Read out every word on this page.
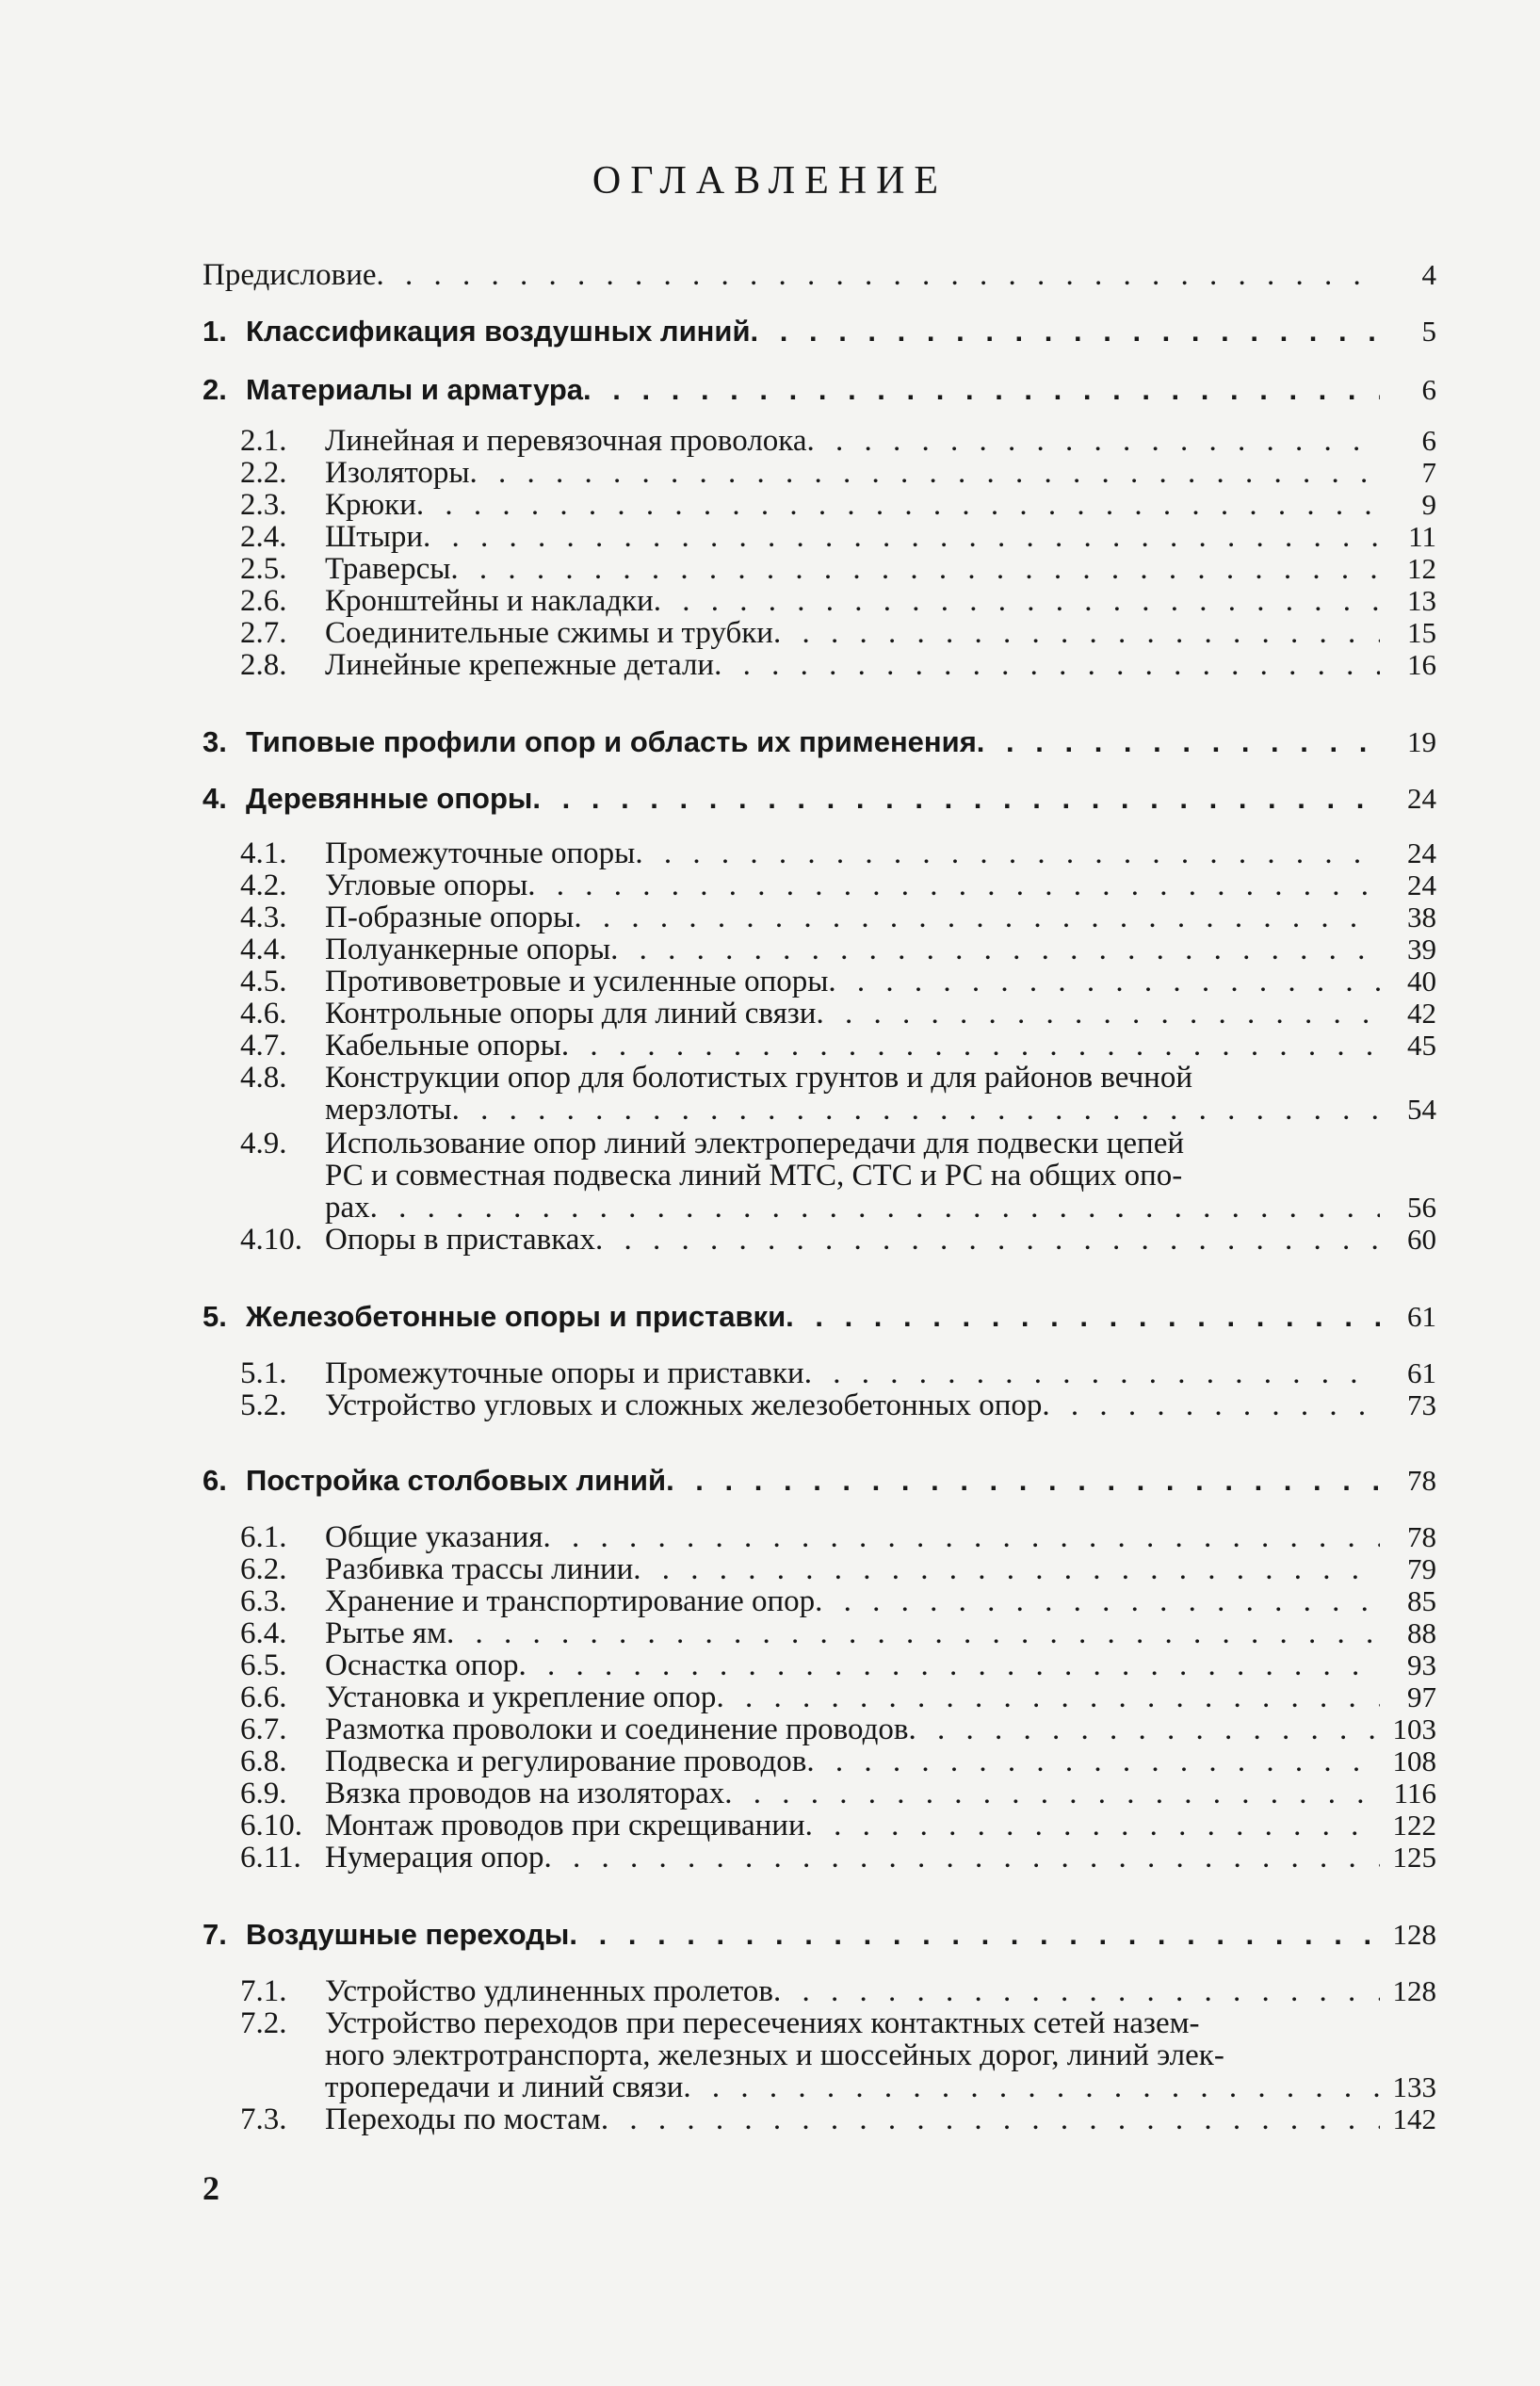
ОГЛАВЛЕНИЕ
Предисловие . . .	4
1. Классификация воздушных линий . . .	5
2. Материалы и арматура . . .	6
2.1.	Линейная и перевязочная проволока . . .	6
2.2.	Изоляторы . . .	7
2.3.	Крюки . . .	9
2.4.	Штыри . . .	11
2.5.	Траверсы . . .	12
2.6.	Кронштейны и накладки . . .	13
2.7.	Соединительные сжимы и трубки . . .	15
2.8.	Линейные крепежные детали . . .	16
3. Типовые профили опор и область их применения . . .	19
4. Деревянные опоры . . .	24
4.1.	Промежуточные опоры . . .	24
4.2.	Угловые опоры . . .	24
4.3.	П-образные опоры . . .	38
4.4.	Полуанкерные опоры . . .	39
4.5.	Противоветровые и усиленные опоры . . .	40
4.6.	Контрольные опоры для линий связи . . .	42
4.7.	Кабельные опоры . . .	45
4.8.	Конструкции опор для болотистых грунтов и для районов вечной
мерзлоты . . .	54
4.9.	Использование опор линий электропередачи для подвески цепей
РС и совместная подвеска линий МТС, СТС и РС на общих опо-
рах . . .	56
4.10. Опоры в приставках . . .	60
5. Железобетонные опоры и приставки . . .	61
5.1.	Промежуточные опоры и приставки . . .	61
5.2.	Устройство угловых и сложных железобетонных опор . . .	73
6. Постройка столбовых линий . . .	78
6.1.	Общие указания . . .	78
6.2.	Разбивка трассы линии . . .	79
6.3.	Хранение и транспортирование опор . . .	85
6.4.	Рытье ям . . .	88
6.5.	Оснастка опор . . .	93
6.6.	Установка и укрепление опор . . .	97
6.7.	Размотка проволоки и соединение проводов . . .	103
6.8.	Подвеска и регулирование проводов . . .	108
6.9.	Вязка проводов на изоляторах . . .	116
6.10. Монтаж проводов при скрещивании . . .	122
6.11. Нумерация опор . . .	125
7. Воздушные переходы . . .	128
7.1.	Устройство удлиненных пролетов . . .	128
7.2.	Устройство переходов при пересечениях контактных сетей назем-
ного электротранспорта, железных и шоссейных дорог, линий элек-
тропередачи и линий связи . . .	133
7.3.	Переходы по мостам . . .	142
2
